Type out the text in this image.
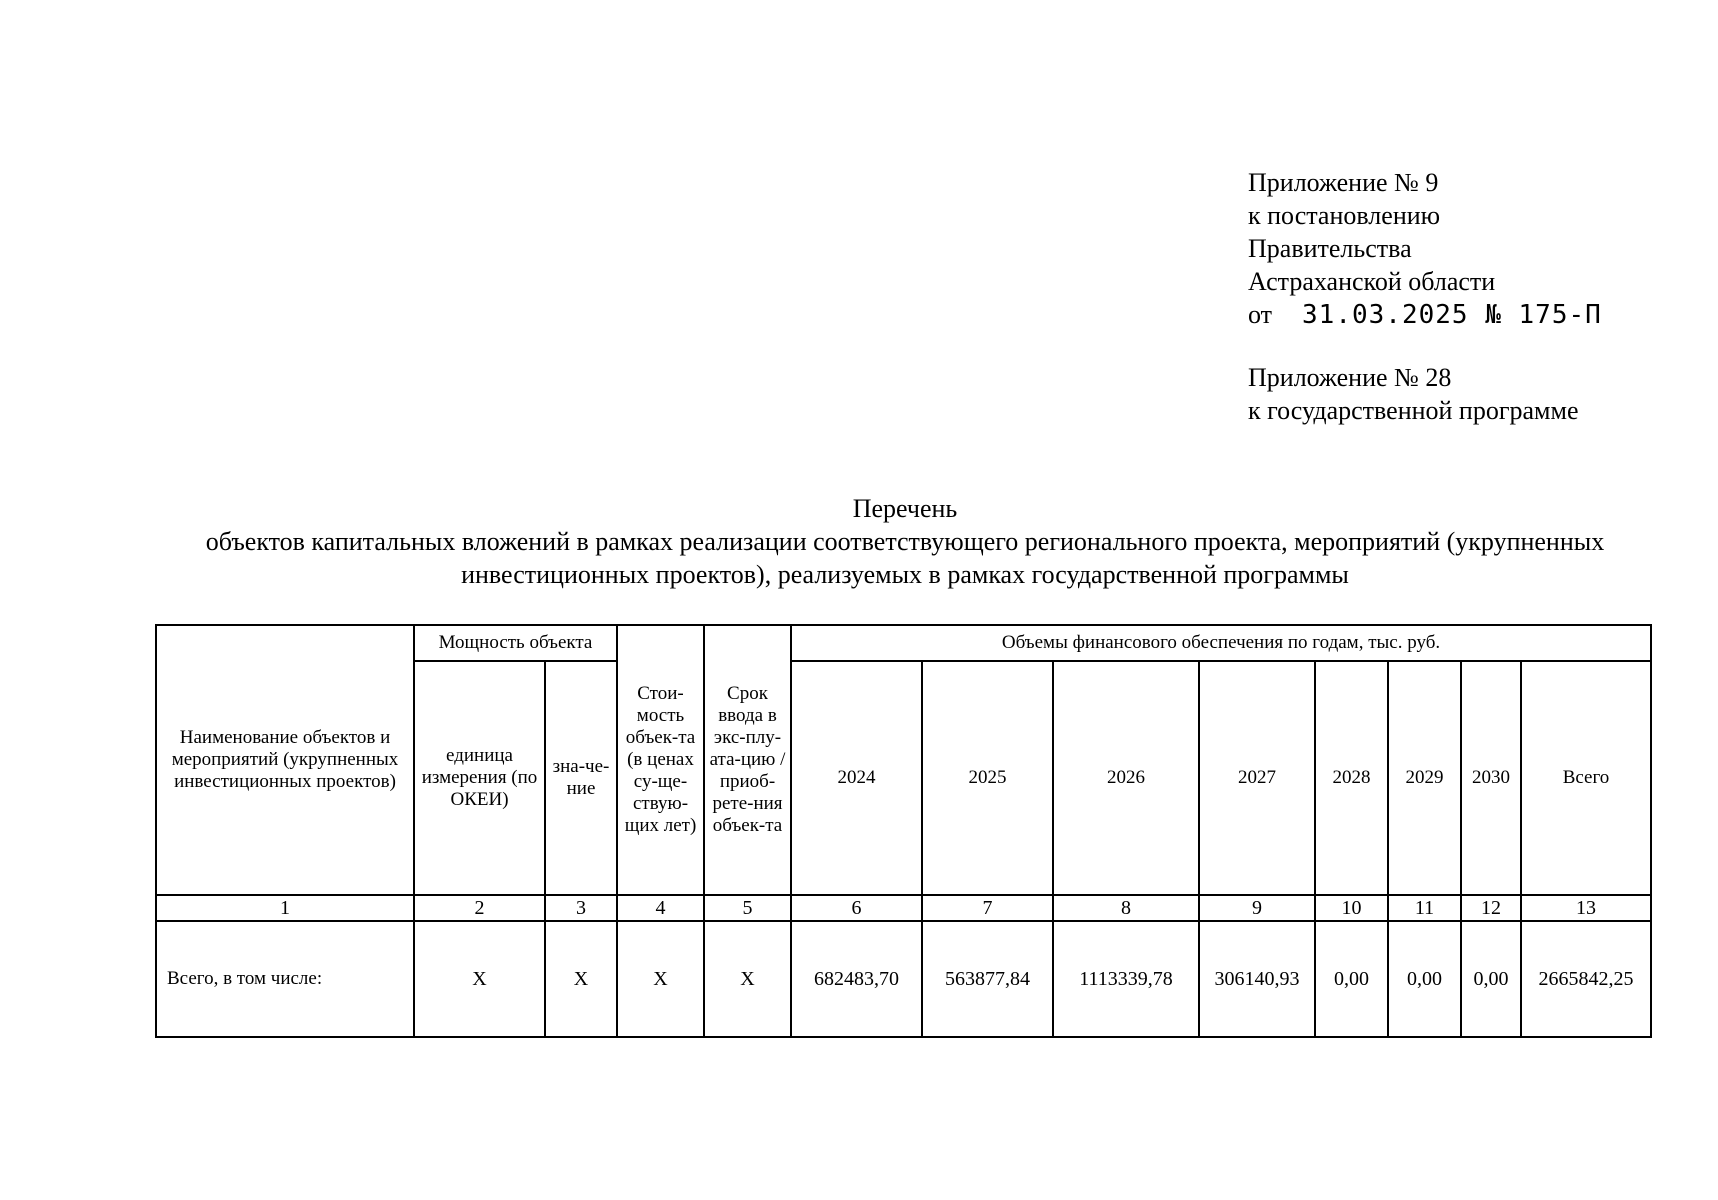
Приложение № 9
к постановлению
Правительства
Астраханской области
от 31.03.2025 № 175-П
Приложение № 28
к государственной программе
Перечень
объектов капитальных вложений в рамках реализации соответствующего регионального проекта, мероприятий (укрупненных
инвестиционных проектов), реализуемых в рамках государственной программы
Наименование объектов и мероприятий (укрупненных инвестиционных проектов)	Мощность объекта		Стои-мость объек-та (в ценах су-ще-ствую-щих лет)	Срок ввода в экс-плу-ата-цию / приоб-рете-ния объек-та	Объемы финансового обеспечения по годам, тыс. руб.							
	единица измерения (по ОКЕИ)	зна-че-ние			2024	2025	2026	2027	2028	2029	2030	Всего
1	2	3	4	5	6	7	8	9	10	11	12	13
Всего, в том числе:	X	X	X	X	682483,70	563877,84	1113339,78	306140,93	0,00	0,00	0,00	2665842,25
